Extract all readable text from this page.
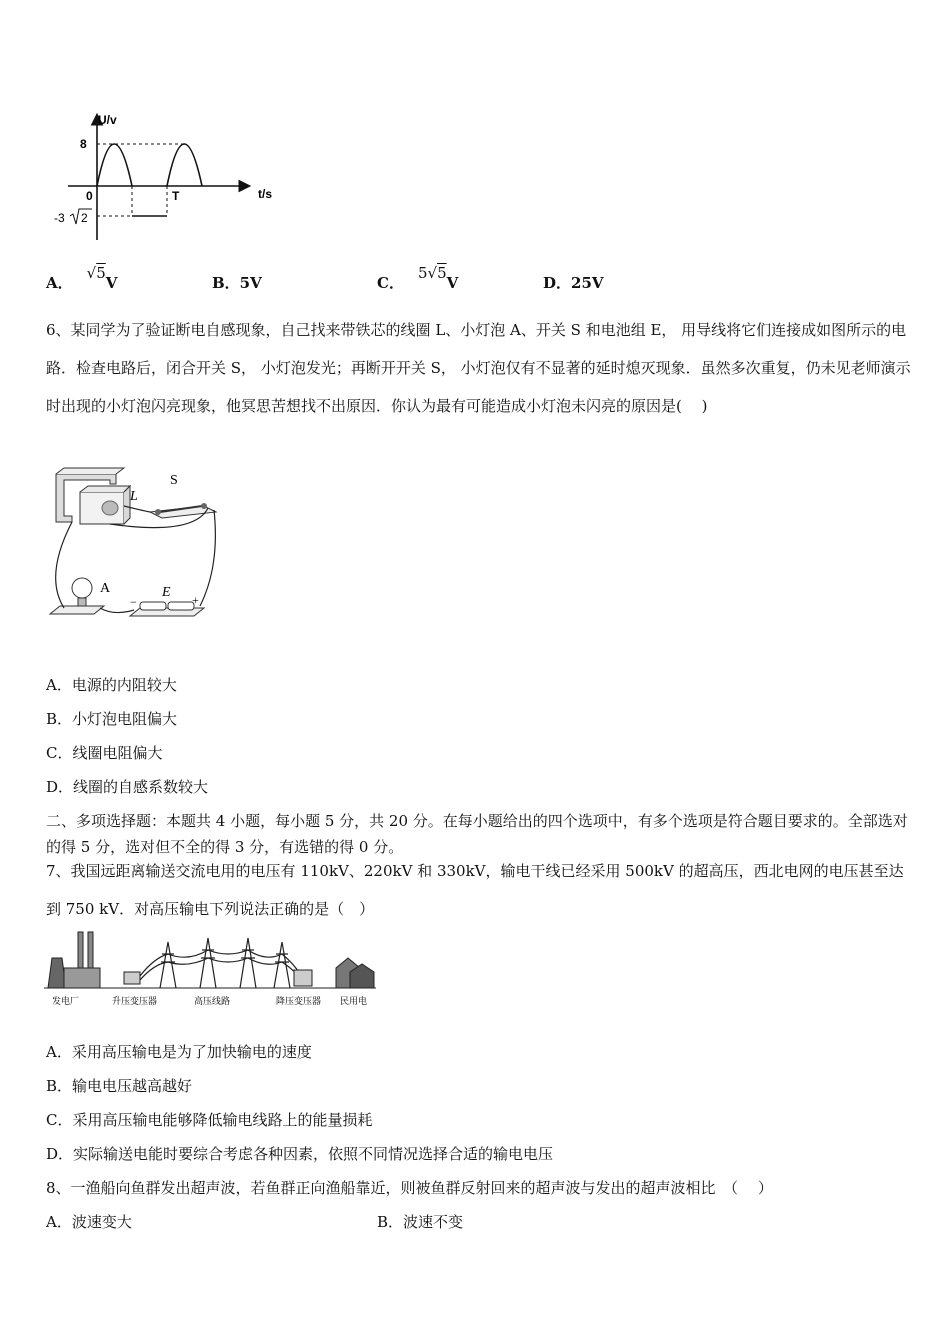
U/v
t/s
8
0	T
-3 2
A．√5V	B．5V	C．5√5V	D．25V
6、某同学为了验证断电自感现象，自己找来带铁芯的线圈 L、小灯泡 A、开关 S 和电池组 E， 用导线将它们连接成如图所示的电路．检查电路后，闭合开关 S， 小灯泡发光；再断开开关 S， 小灯泡仅有不显著的延时熄灭现象．虽然多次重复，仍未见老师演示时出现的小灯泡闪亮现象，他冥思苦想找不出原因．你认为最有可能造成小灯泡未闪亮的原因是(　 )
L
S
A	E
−	+
A．电源的内阻较大
B．小灯泡电阻偏大
C．线圈电阻偏大
D．线圈的自感系数较大
二、多项选择题：本题共 4 小题，每小题 5 分，共 20 分。在每小题给出的四个选项中，有多个选项是符合题目要求的。全部选对的得 5 分，选对但不全的得 3 分，有选错的得 0 分。
7、我国远距离输送交流电用的电压有 110kV、220kV 和 330kV，输电干线已经采用 500kV 的超高压，西北电网的电压甚至达到 750 kV．对高压输电下列说法正确的是（　）
发电厂	升压变压器	高压线路	降压变压器 民用电
A．采用高压输电是为了加快输电的速度
B．输电电压越高越好
C．采用高压输电能够降低输电线路上的能量损耗
D．实际输送电能时要综合考虑各种因素，依照不同情况选择合适的输电电压
8、一渔船向鱼群发出超声波，若鱼群正向渔船靠近，则被鱼群反射回来的超声波与发出的超声波相比　（　 ）
A．波速变大	B．波速不变
